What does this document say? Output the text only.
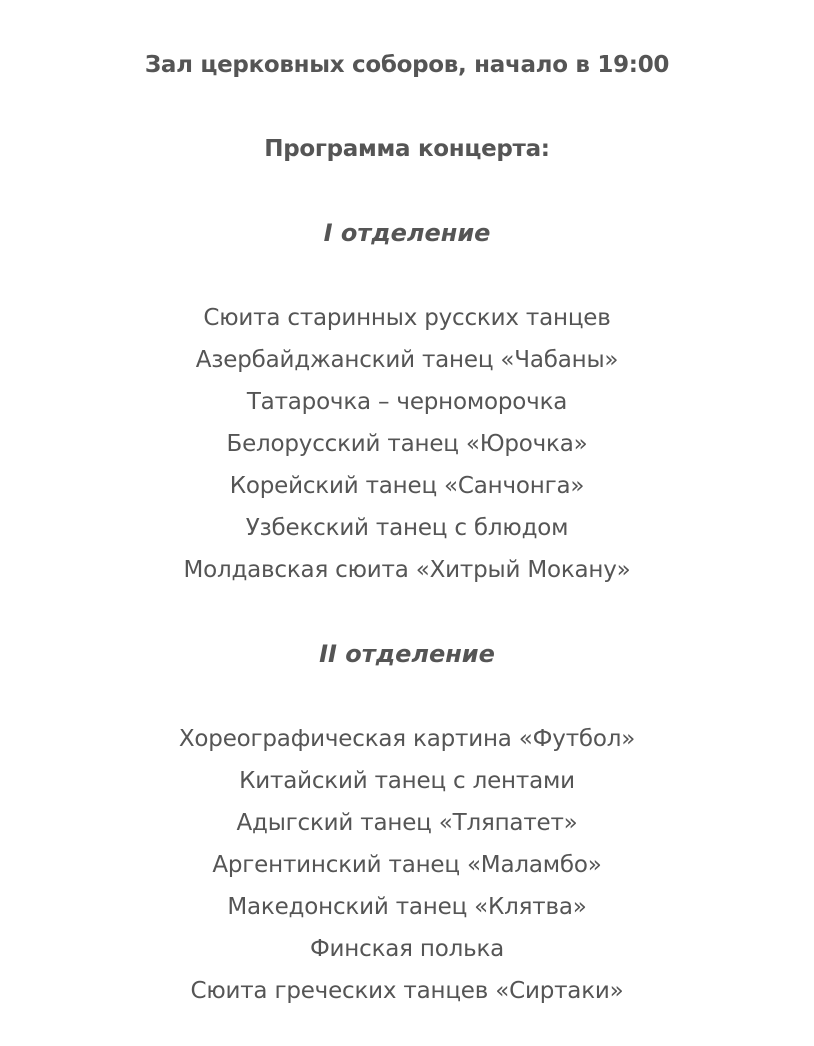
Зал церковных соборов, начало в 19:00
Программа концерта:
I отделение
Сюита старинных русских танцев
Азербайджанский танец «Чабаны»
Татарочка – черноморочка
Белорусский танец «Юрочка»
Корейский танец «Санчонга»
Узбекский танец с блюдом
Молдавская сюита «Хитрый Мокану»
II отделение
Хореографическая картина «Футбол»
Китайский танец с лентами
Адыгский танец «Тляпатет»
Аргентинский танец «Маламбо»
Македонский танец «Клятва»
Финская полька
Сюита греческих танцев «Сиртаки»
